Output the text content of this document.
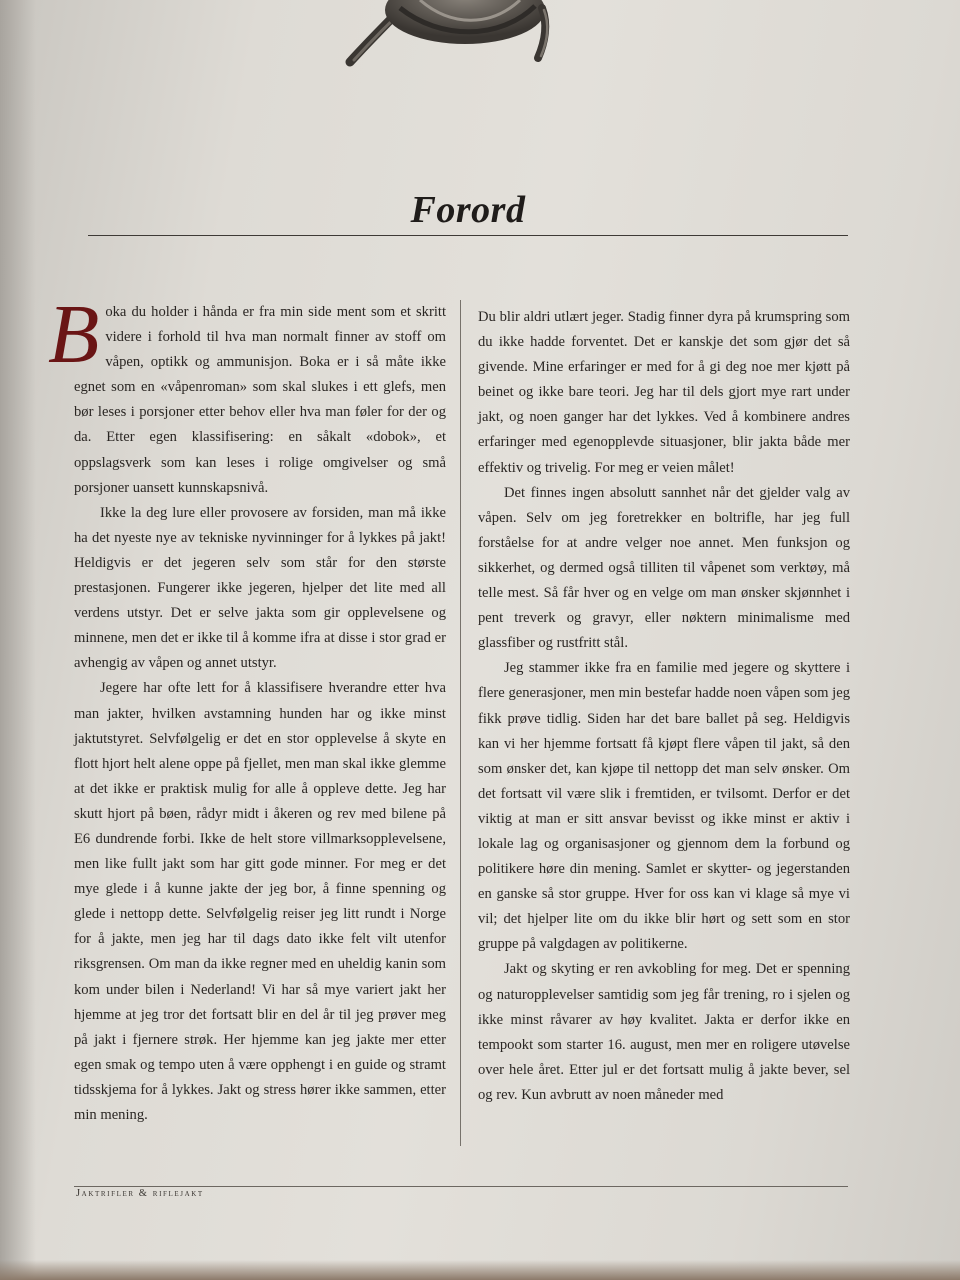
Forord

Boka du holder i hånda er fra min side ment som et skritt videre i forhold til hva man normalt finner av stoff om våpen, optikk og ammunisjon. Boka er i så måte ikke egnet som en «våpenroman» som skal slukes i ett glefs, men bør leses i porsjoner etter behov eller hva man føler for der og da. Etter egen klassifisering: en såkalt «dobok», et oppslagsverk som kan leses i rolige omgivelser og små porsjoner uansett kunnskapsnivå.

Ikke la deg lure eller provosere av forsiden, man må ikke ha det nyeste nye av tekniske nyvinninger for å lykkes på jakt! Heldigvis er det jegeren selv som står for den største prestasjonen. Fungerer ikke jegeren, hjelper det lite med all verdens utstyr. Det er selve jakta som gir opplevelsene og minnene, men det er ikke til å komme ifra at disse i stor grad er avhengig av våpen og annet utstyr.

Jegere har ofte lett for å klassifisere hverandre etter hva man jakter, hvilken avstamning hunden har og ikke minst jaktutstyret. Selvfølgelig er det en stor opplevelse å skyte en flott hjort helt alene oppe på fjellet, men man skal ikke glemme at det ikke er praktisk mulig for alle å oppleve dette. Jeg har skutt hjort på bøen, rådyr midt i åkeren og rev med bilene på E6 dundrende forbi. Ikke de helt store villmarksopplevelsene, men like fullt jakt som har gitt gode minner. For meg er det mye glede i å kunne jakte der jeg bor, å finne spenning og glede i nettopp dette. Selvfølgelig reiser jeg litt rundt i Norge for å jakte, men jeg har til dags dato ikke felt vilt utenfor riksgrensen. Om man da ikke regner med en uheldig kanin som kom under bilen i Nederland! Vi har så mye variert jakt her hjemme at jeg tror det fortsatt blir en del år til jeg prøver meg på jakt i fjernere strøk. Her hjemme kan jeg jakte mer etter egen smak og tempo uten å være opphengt i en guide og stramt tidsskjema for å lykkes. Jakt og stress hører ikke sammen, etter min mening.

Du blir aldri utlært jeger. Stadig finner dyra på krumspring som du ikke hadde forventet. Det er kanskje det som gjør det så givende. Mine erfaringer er med for å gi deg noe mer kjøtt på beinet og ikke bare teori. Jeg har til dels gjort mye rart under jakt, og noen ganger har det lykkes. Ved å kombinere andres erfaringer med egenopplevde situasjoner, blir jakta både mer effektiv og trivelig. For meg er veien målet!

Det finnes ingen absolutt sannhet når det gjelder valg av våpen. Selv om jeg foretrekker en boltrifle, har jeg full forståelse for at andre velger noe annet. Men funksjon og sikkerhet, og dermed også tilliten til våpenet som verktøy, må telle mest. Så får hver og en velge om man ønsker skjønnhet i pent treverk og gravyr, eller nøktern minimalisme med glassfiber og rustfritt stål.

Jeg stammer ikke fra en familie med jegere og skyttere i flere generasjoner, men min bestefar hadde noen våpen som jeg fikk prøve tidlig. Siden har det bare ballet på seg. Heldigvis kan vi her hjemme fortsatt få kjøpt flere våpen til jakt, så den som ønsker det, kan kjøpe til nettopp det man selv ønsker. Om det fortsatt vil være slik i fremtiden, er tvilsomt. Derfor er det viktig at man er sitt ansvar bevisst og ikke minst er aktiv i lokale lag og organisasjoner og gjennom dem la forbund og politikere høre din mening. Samlet er skytter- og jegerstanden en ganske så stor gruppe. Hver for oss kan vi klage så mye vi vil; det hjelper lite om du ikke blir hørt og sett som en stor gruppe på valgdagen av politikerne.

Jakt og skyting er ren avkobling for meg. Det er spenning og naturopplevelser samtidig som jeg får trening, ro i sjelen og ikke minst råvarer av høy kvalitet. Jakta er derfor ikke en tempookt som starter 16. august, men mer en roligere utøvelse over hele året. Etter jul er det fortsatt mulig å jakte bever, sel og rev. Kun avbrutt av noen måneder med

Jaktrifler & riflejakt
